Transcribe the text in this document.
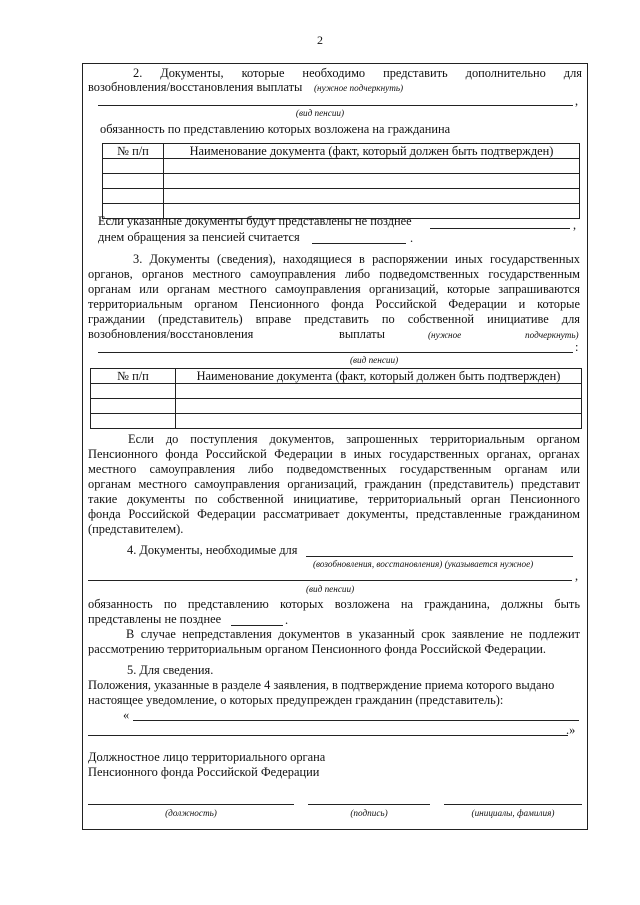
2
2. Документы, которые необходимо представить дополнительно для
возобновления/восстановления выплаты (нужное подчеркнуть)
,
(вид пенсии)
обязанность по представлению которых возложена на гражданина
№ п/п	Наименование документа (факт, который должен быть подтвержден)

Если указанные документы будут представлены не позднее	,
днем обращения за пенсией считается	.
3. Документы (сведения), находящиеся в распоряжении иных государственных
органов, органов местного самоуправления либо подведомственных государственным
органам или органам местного самоуправления организаций, которые запрашиваются
территориальным органом Пенсионного фонда Российской Федерации и которые
граждании (представитель) вправе представить по собственной инициативе для
возобновления/восстановления	выплаты	(нужное	подчеркнуть)
:
(вид пенсии)
№ п/п	Наименование документа (факт, который должен быть подтвержден)

Если до поступления документов, запрошенных территориальным органом
Пенсионного фонда Российской Федерации в иных государственных органах, органах
местного самоуправления либо подведомственных государственным органам или
органам местного самоуправления организаций, гражданин (представитель) представит
такие документы по собственной инициативе, территориальный орган Пенсионного
фонда Российской Федерации рассматривает документы, представленные гражданином
(представителем).
4. Документы, необходимые для
(возобновления, восстановления) (указывается нужное)
,
(вид пенсии)
обязанность по представлению которых возложена на гражданина, должны быть
представлены не позднее	.
В случае непредставления документов в указанный срок заявление не подлежит
рассмотрению территориальным органом Пенсионного фонда Российской Федерации.
5. Для сведения.
Положения, указанные в разделе 4 заявления, в подтверждение приема которого выдано
настоящее уведомление, о которых предупрежден гражданин (представитель):
«
.»
Должностное лицо территориального органа
Пенсионного фонда Российской Федерации
(должность)	(подпись)	(инициалы, фамилия)
